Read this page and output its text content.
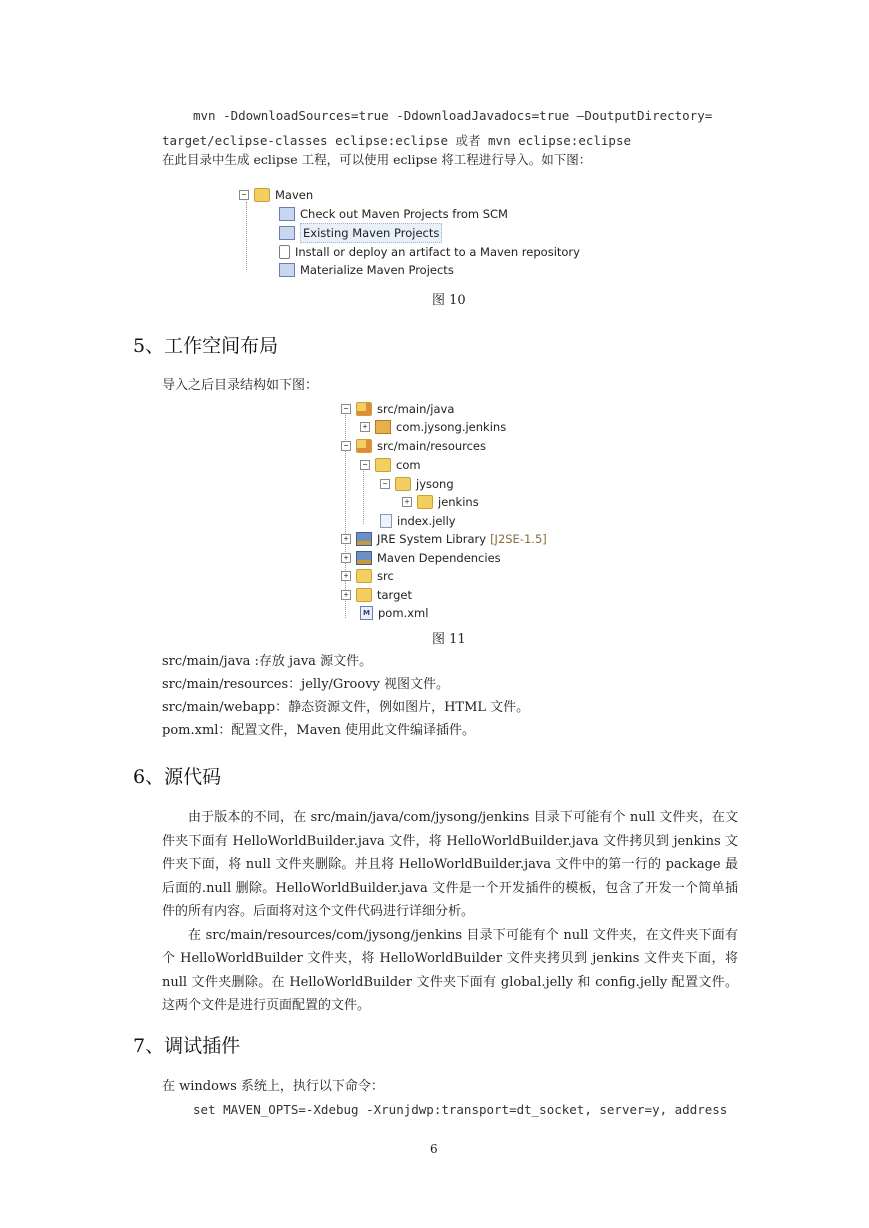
mvn -DdownloadSources=true -DdownloadJavadocs=true –DoutputDirectory=
target/eclipse-classes eclipse:eclipse 或者 mvn eclipse:eclipse
在此目录中生成 eclipse 工程，可以使用 eclipse 将工程进行导入。如下图：
− Maven
Check out Maven Projects from SCM
Existing Maven Projects
Install or deploy an artifact to a Maven repository
Materialize Maven Projects
图 10
5、工作空间布局
导入之后目录结构如下图：
− src/main/java
+ com.jysong.jenkins
− src/main/resources
− com
− jysong
+ jenkins
index.jelly
+ JRE System Library [J2SE-1.5]
+ Maven Dependencies
+ src
+ target
M pom.xml
图 11
src/main/java :存放 java 源文件。
src/main/resources：jelly/Groovy 视图文件。
src/main/webapp：静态资源文件，例如图片，HTML 文件。
pom.xml：配置文件，Maven 使用此文件编译插件。
6、源代码

由于版本的不同，在 src/main/java/com/jysong/jenkins 目录下可能有个 null 文件夹，在文件夹下面有 HelloWorldBuilder.java 文件，将 HelloWorldBuilder.java 文件拷贝到 jenkins 文件夹下面，将 null 文件夹删除。并且将 HelloWorldBuilder.java 文件中的第一行的 package 最后面的.null 删除。HelloWorldBuilder.java 文件是一个开发插件的模板，包含了开发一个简单插件的所有内容。后面将对这个文件代码进行详细分析。

在 src/main/resources/com/jysong/jenkins 目录下可能有个 null 文件夹，在文件夹下面有个 HelloWorldBuilder 文件夹，将 HelloWorldBuilder 文件夹拷贝到 jenkins 文件夹下面，将 null 文件夹删除。在 HelloWorldBuilder 文件夹下面有 global.jelly 和 config.jelly 配置文件。这两个文件是进行页面配置的文件。

7、调试插件
在 windows 系统上，执行以下命令：
set MAVEN_OPTS=-Xdebug -Xrunjdwp:transport=dt_socket, server=y, address
6
